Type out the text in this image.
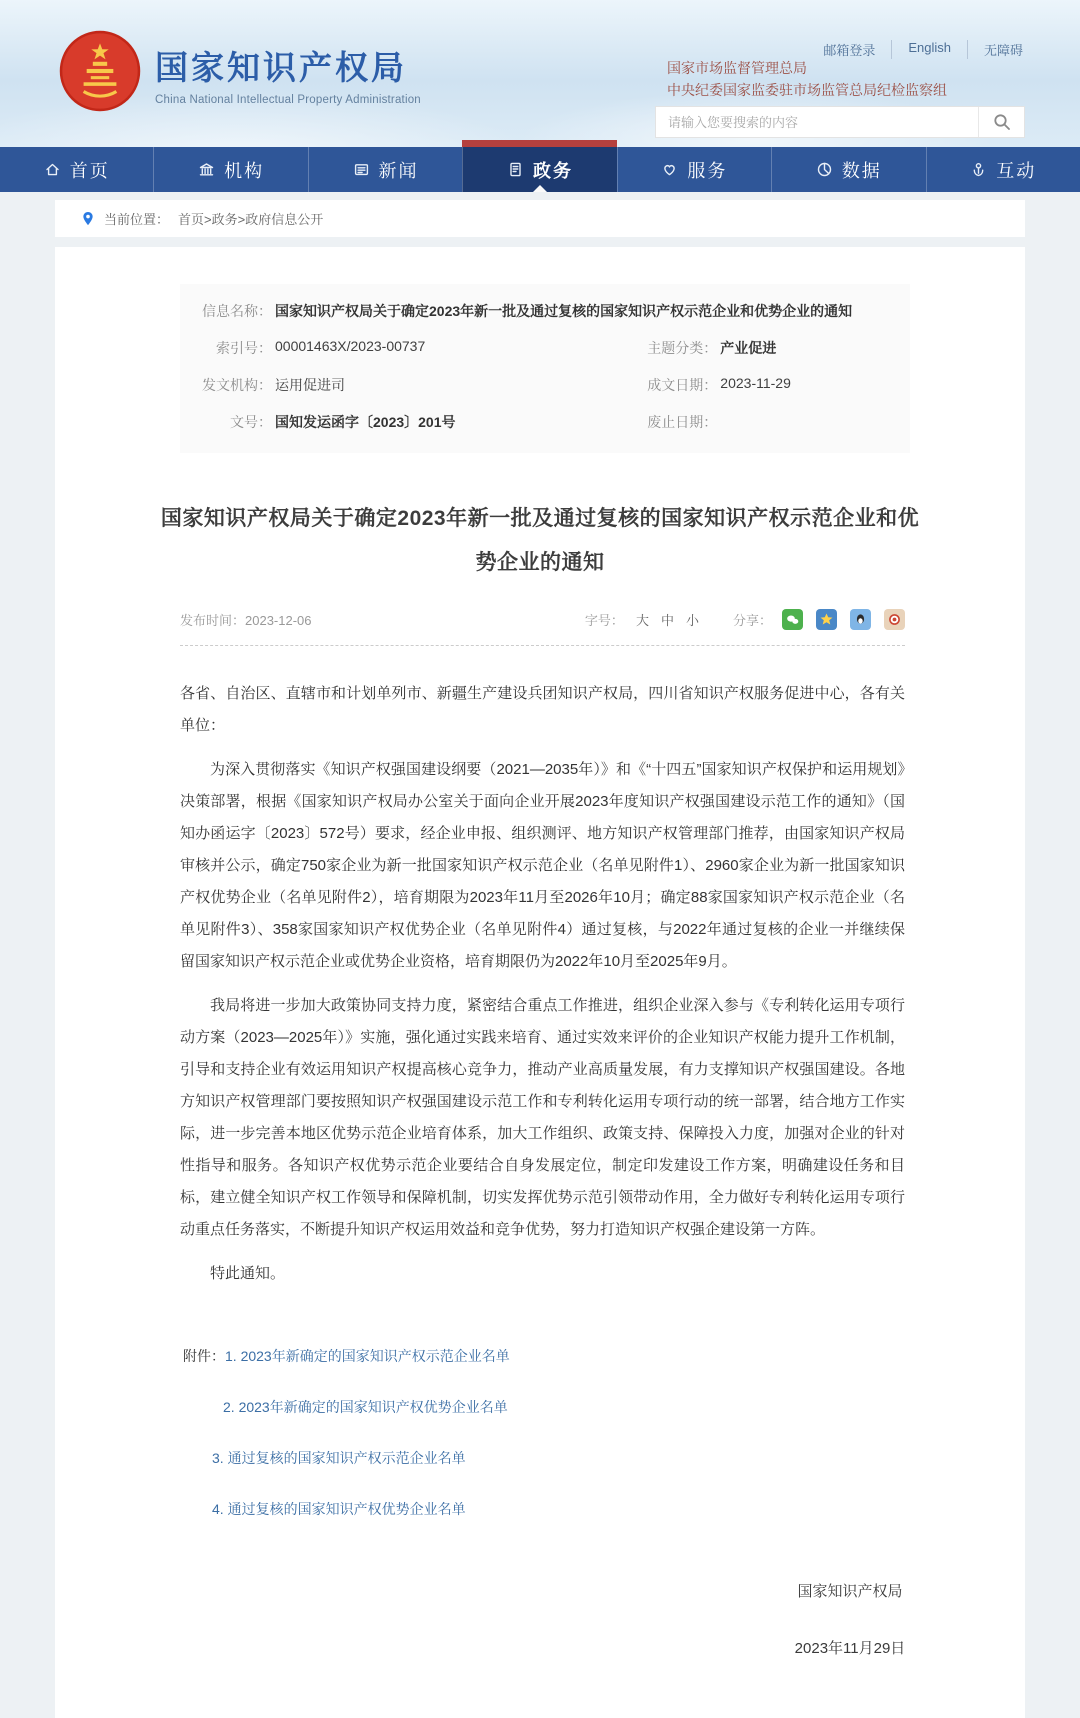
国家知识产权局
China National Intellectual Property Administration
邮箱登录	English	无障碍
国家市场监督管理总局
中央纪委国家监委驻市场监管总局纪检监察组
请输入您要搜索的内容
首页	机构	新闻	政务	服务	数据	互动
当前位置： 首页>政务>政府信息公开
信息名称： 国家知识产权局关于确定2023年新一批及通过复核的国家知识产权示范企业和优势企业的通知
索引号： 00001463X/2023-00737	主题分类： 产业促进
发文机构： 运用促进司	成文日期： 2023-11-29
文号： 国知发运函字〔2023〕201号	废止日期：
国家知识产权局关于确定2023年新一批及通过复核的国家知识产权示范企业和优势企业的通知
发布时间：2023-12-06	字号： 大 中 小	分享：

各省、自治区、直辖市和计划单列市、新疆生产建设兵团知识产权局，四川省知识产权服务促进中心，各有关单位：

为深入贯彻落实《知识产权强国建设纲要（2021—2035年）》和《“十四五”国家知识产权保护和运用规划》决策部署，根据《国家知识产权局办公室关于面向企业开展2023年度知识产权强国建设示范工作的通知》（国知办函运字〔2023〕572号）要求，经企业申报、组织测评、地方知识产权管理部门推荐，由国家知识产权局审核并公示，确定750家企业为新一批国家知识产权示范企业（名单见附件1）、2960家企业为新一批国家知识产权优势企业（名单见附件2），培育期限为2023年11月至2026年10月；确定88家国家知识产权示范企业（名单见附件3）、358家国家知识产权优势企业（名单见附件4）通过复核，与2022年通过复核的企业一并继续保留国家知识产权示范企业或优势企业资格，培育期限仍为2022年10月至2025年9月。

我局将进一步加大政策协同支持力度，紧密结合重点工作推进，组织企业深入参与《专利转化运用专项行动方案（2023—2025年）》实施，强化通过实践来培育、通过实效来评价的企业知识产权能力提升工作机制，引导和支持企业有效运用知识产权提高核心竞争力，推动产业高质量发展，有力支撑知识产权强国建设。各地方知识产权管理部门要按照知识产权强国建设示范工作和专利转化运用专项行动的统一部署，结合地方工作实际，进一步完善本地区优势示范企业培育体系，加大工作组织、政策支持、保障投入力度，加强对企业的针对性指导和服务。各知识产权优势示范企业要结合自身发展定位，制定印发建设工作方案，明确建设任务和目标，建立健全知识产权工作领导和保障机制，切实发挥优势示范引领带动作用，全力做好专利转化运用专项行动重点任务落实，不断提升知识产权运用效益和竞争优势，努力打造知识产权强企建设第一方阵。

特此通知。

附件： 1. 2023年新确定的国家知识产权示范企业名单
2. 2023年新确定的国家知识产权优势企业名单
3. 通过复核的国家知识产权示范企业名单
4. 通过复核的国家知识产权优势企业名单
国家知识产权局
2023年11月29日
